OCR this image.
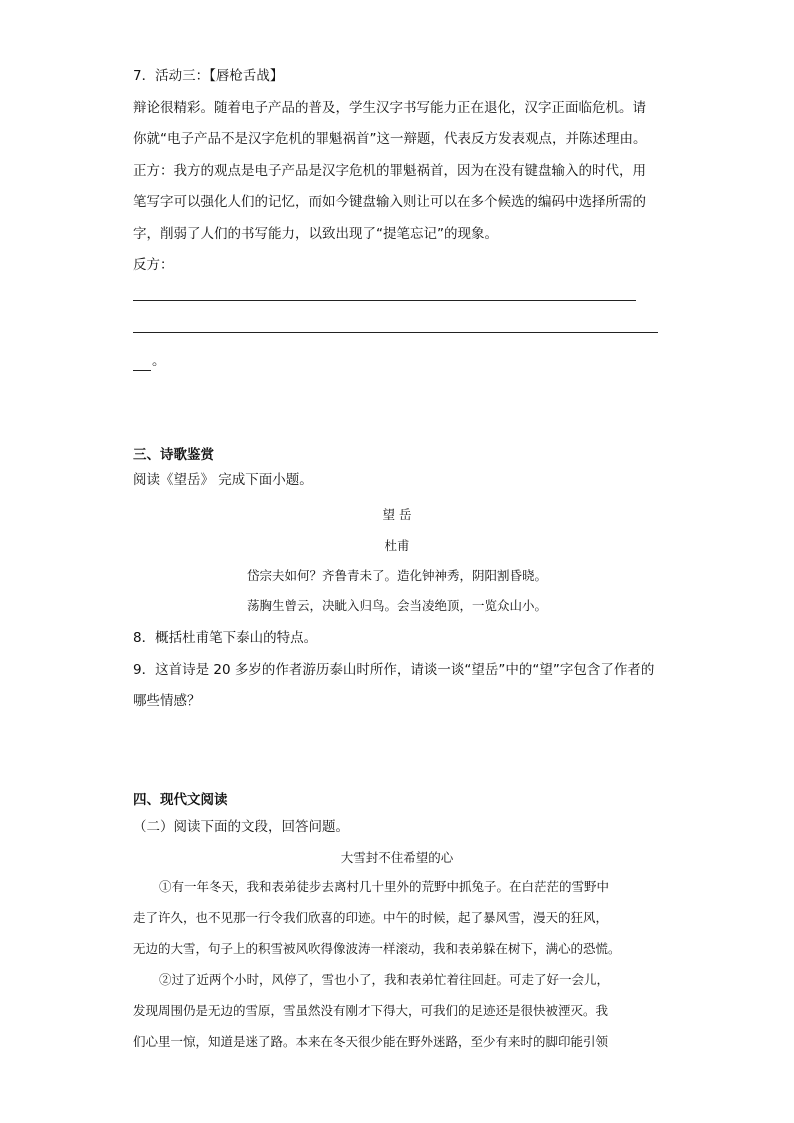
7．活动三：【唇枪舌战】
辩论很精彩。随着电子产品的普及，学生汉字书写能力正在退化，汉字正面临危机。请
你就“电子产品不是汉字危机的罪魁祸首”这一辩题，代表反方发表观点，并陈述理由。
正方：我方的观点是电子产品是汉字危机的罪魁祸首，因为在没有键盘输入的时代，用
笔写字可以强化人们的记忆，而如今键盘输入则让可以在多个候选的编码中选择所需的
字，削弱了人们的书写能力，以致出现了“提笔忘记”的现象。
反方：
。
三、诗歌鉴赏
阅读《望岳》 完成下面小题。
望 岳
杜甫
岱宗夫如何？齐鲁青未了。造化钟神秀，阴阳割昏晓。
荡胸生曾云，决眦入归鸟。会当凌绝顶，一览众山小。
8．概括杜甫笔下泰山的特点。
9．这首诗是 20 多岁的作者游历泰山时所作，请谈一谈“望岳”中的“望”字包含了作者的
哪些情感？
四、现代文阅读
（二）阅读下面的文段，回答问题。
大雪封不住希望的心
①有一年冬天，我和表弟徒步去离村几十里外的荒野中抓兔子。在白茫茫的雪野中
走了许久，也不见那一行令我们欣喜的印迹。中午的时候，起了暴风雪，漫天的狂风，
无边的大雪，句子上的积雪被风吹得像波涛一样滚动，我和表弟躲在树下，满心的恐慌。
②过了近两个小时，风停了，雪也小了，我和表弟忙着往回赶。可走了好一会儿，
发现周围仍是无边的雪原，雪虽然没有刚才下得大，可我们的足迹还是很快被湮灭。我
们心里一惊，知道是迷了路。本来在冬天很少能在野外迷路，至少有来时的脚印能引领
